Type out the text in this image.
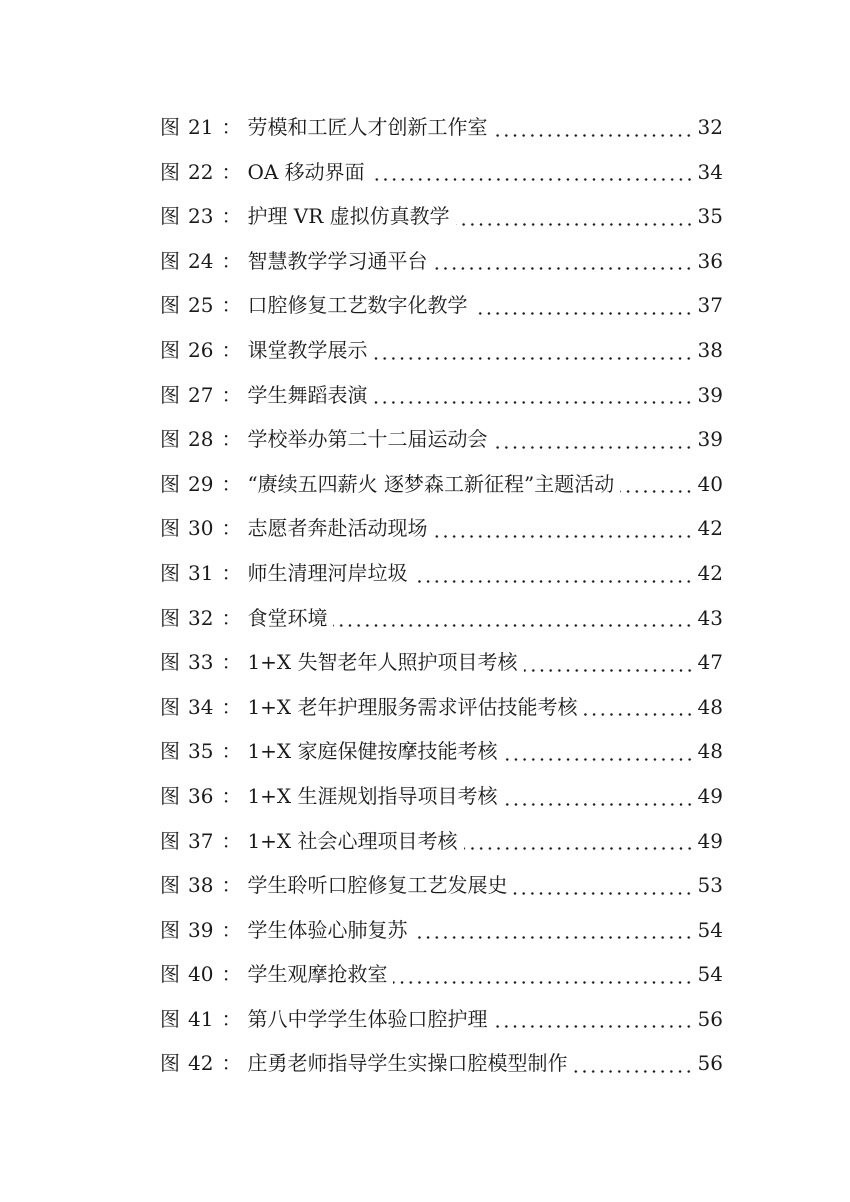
图 21 ： 劳模和工匠人才创新工作室	32
图 22 ： OA 移动界面	34
图 23 ： 护理 VR 虚拟仿真教学	35
图 24 ： 智慧教学学习通平台	36
图 25 ： 口腔修复工艺数字化教学	37
图 26 ： 课堂教学展示	38
图 27 ： 学生舞蹈表演	39
图 28 ： 学校举办第二十二届运动会	39
图 29 ： “赓续五四薪火 逐梦森工新征程”主题活动	40
图 30 ： 志愿者奔赴活动现场	42
图 31 ： 师生清理河岸垃圾	42
图 32 ： 食堂环境	43
图 33 ： 1+X 失智老年人照护项目考核	47
图 34 ： 1+X 老年护理服务需求评估技能考核	48
图 35 ： 1+X 家庭保健按摩技能考核	48
图 36 ： 1+X 生涯规划指导项目考核	49
图 37 ： 1+X 社会心理项目考核	49
图 38 ： 学生聆听口腔修复工艺发展史	53
图 39 ： 学生体验心肺复苏	54
图 40 ： 学生观摩抢救室	54
图 41 ： 第八中学学生体验口腔护理	56
图 42 ： 庄勇老师指导学生实操口腔模型制作	56
